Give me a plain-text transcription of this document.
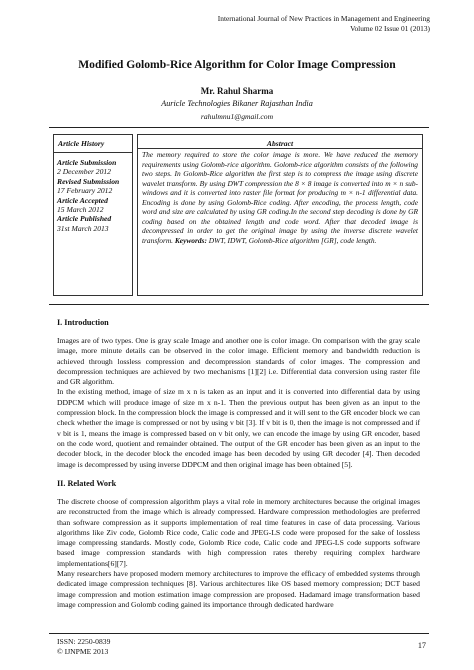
International Journal of New Practices in Management and Engineering
Volume 02 Issue 01 (2013)
Modified Golomb-Rice Algorithm for Color Image Compression
Mr. Rahul Sharma
Auricle Technologies Bikaner Rajasthan India
rahulmnu1@gmail.com
Article History
Article Submission
2 December 2012
Revised Submission
17 February 2012
Article Accepted
15 March 2012
Article Published
31st March 2013
Abstract
The memory required to store the color image is more. We have reduced the memory requirements using Golomb-rice algorithm. Golomb-rice algorithm consists of the following two steps. In Golomb-Rice algorithm the first step is to compress the image using discrete wavelet transform. By using DWT compression the 8 × 8 image is converted into m × n sub-windows and it is converted into raster file format for producing m × n-1 differential data. Encoding is done by using Golomb-Rice coding. After encoding, the process length, code word and size are calculated by using GR coding.In the second step decoding is done by GR coding based on the obtained length and code word. After that decoded image is decompressed in order to get the original image by using the inverse discrete wavelet transform. Keywords: DWT, IDWT, Golomb-Rice algorithm [GR], code length.
I. Introduction

Images are of two types. One is gray scale Image and another one is color image. On comparison with the gray scale image, more minute details can be observed in the color image. Efficient memory and bandwidth reduction is achieved through lossless compression and decompression standards of color images. The compression and decompression techniques are achieved by two mechanisms [1][2] i.e. Differential data conversion using raster file and GR algorithm.

In the existing method, image of size m x n is taken as an input and it is converted into differential data by using DDPCM which will produce image of size m x n-1. Then the previous output has been given as an input to the compression block. In the compression block the image is compressed and it will sent to the GR encoder block we can check whether the image is compressed or not by using v bit [3]. If v bit is 0, then the image is not compressed and if v bit is 1, means the image is compressed based on v bit only, we can encode the image by using GR encoder, based on the code word, quotient and remainder obtained. The output of the GR encoder has been given as an input to the decoder block, in the decoder block the encoded image has been decoded by using GR decoder [4]. Then decoded image is decompressed by using inverse DDPCM and then original image has been obtained [5].

II. Related Work

The discrete choose of compression algorithm plays a vital role in memory architectures because the original images are reconstructed from the image which is already compressed. Hardware compression methodologies are preferred than software compression as it supports implementation of real time features in case of data processing. Various algorithms like Ziv code, Golomb Rice code, Calic code and JPEG-LS code were proposed for the sake of lossless image compressing standards. Mostly code, Golomb Rice code, Calic code and JPEG-LS code supports software based image compression standards with high compression rates thereby requiring complex hardware implementations[6][7].

Many researchers have proposed modern memory architectures to improve the efficacy of embedded systems through dedicated image compression techniques [8]. Various architectures like OS based memory compression; DCT based image compression and motion estimation image compression are proposed. Hadamard image transformation based image compression and Golomb coding gained its importance through dedicated hardware

ISSN: 2250-0839
© IJNPME 2013
17
